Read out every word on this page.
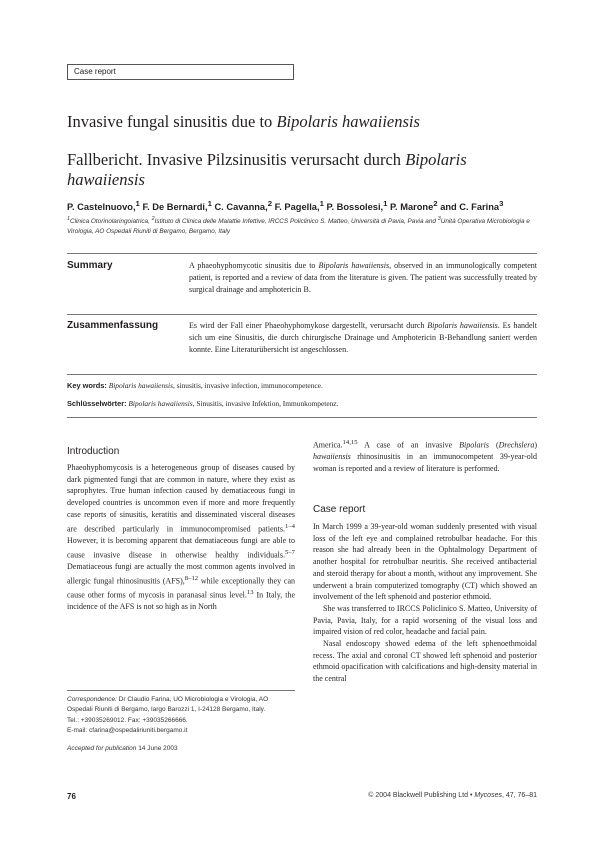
Case report
Invasive fungal sinusitis due to Bipolaris hawaiiensis
Fallbericht. Invasive Pilzsinusitis verursacht durch Bipolaris hawaiiensis
P. Castelnuovo,$^1$ F. De Bernardi,$^1$ C. Cavanna,$^2$ F. Pagella,$^1$ P. Bossolesi,$^1$ P. Marone$^2$ and C. Farina$^3$
$^1$Clinica Otorinolaringoiatrica, $^2$Istituto di Clinica delle Malattie Infettive, IRCCS Policlinico S. Matteo, Università di Pavia, Pavia and $^3$Unità Operativa Microbiologia e Virologia, AO Ospedali Riuniti di Bergamo, Bergamo, Italy
Summary	A phaeohyphomycotic sinusitis due to Bipolaris hawaiiensis, observed in an immunologically competent patient, is reported and a review of data from the literature is given. The patient was successfully treated by surgical drainage and amphotericin B.
Zusammenfassung	Es wird der Fall einer Phaeohyphomykose dargestellt, verursacht durch Bipolaris hawaiiensis. Es handelt sich um eine Sinusitis, die durch chirurgische Drainage und Amphotericin B-Behandlung saniert werden konnte. Eine Literaturübersicht ist angeschlossen.
Key words: Bipolaris hawaiiensis, sinusitis, invasive infection, immunocompetence.
Schlüsselwörter: Bipolaris hawaiiensis, Sinusitis, invasive Infektion, Immunkompetenz.
Introduction

Phaeohyphomycosis is a heterogeneous group of diseases caused by dark pigmented fungi that are common in nature, where they exist as saprophytes. True human infection caused by dematiaceous fungi in developed countries is uncommon even if more and more frequently case reports of sinusitis, keratitis and disseminated visceral diseases are described particularly in immunocompromised patients.$^{1-4}$ However, it is becoming apparent that dematiaceous fungi are able to cause invasive disease in otherwise healthy individuals.$^{5-7}$ Dematiaceous fungi are actually the most common agents involved in allergic fungal rhinosinusitis (AFS),$^{8-12}$ while exceptionally they can cause other forms of mycosis in paranasal sinus level.$^{13}$ In Italy, the incidence of the AFS is not so high as in North

Correspondence: Dr Claudio Farina, UO Microbiologia e Virologia, AO Ospedali Riuniti di Bergamo, largo Barozzi 1, I-24128 Bergamo, Italy.
Tel.: +39035269012. Fax: +39035266666.
E-mail: cfarina@ospedaliriuniti.bergamo.it
Accepted for publication 14 June 2003

America.$^{14,15}$ A case of an invasive Bipolaris (Drechslera) hawaiiensis rhinosinusitis in an immunocompetent 39-year-old woman is reported and a review of literature is performed.

Case report

In March 1999 a 39-year-old woman suddenly presented with visual loss of the left eye and complained retrobulbar headache. For this reason she had already been in the Ophtalmology Department of another hospital for retrobulbar neuritis. She received antibacterial and steroid therapy for about a month, without any improvement. She underwent a brain computerized tomography (CT) which showed an involvement of the left sphenoid and posterior ethmoid.

She was transferred to IRCCS Policlinico S. Matteo, University of Pavia, Pavia, Italy, for a rapid worsening of the visual loss and impaired vision of red color, headache and facial pain.

Nasal endoscopy showed edema of the left sphenoethmoidal recess. The axial and coronal CT showed left sphenoid and posterior ethmoid opacification with calcifications and high-density material in the central

76	© 2004 Blackwell Publishing Ltd • Mycoses, 47, 76–81
